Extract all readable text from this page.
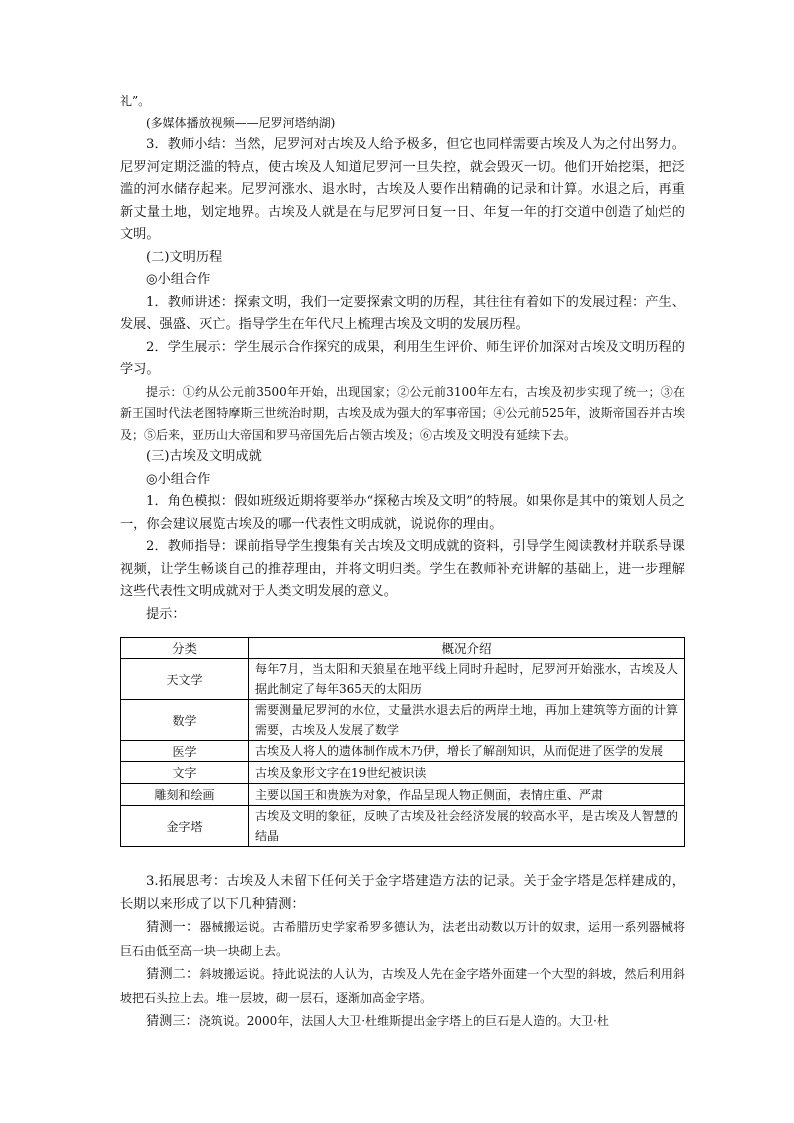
礼”。

(多媒体播放视频——尼罗河塔纳湖)

3．教师小结：当然，尼罗河对古埃及人给予极多，但它也同样需要古埃及人为之付出努力。尼罗河定期泛滥的特点，使古埃及人知道尼罗河一旦失控，就会毁灭一切。他们开始挖渠，把泛滥的河水储存起来。尼罗河涨水、退水时，古埃及人要作出精确的记录和计算。水退之后，再重新丈量土地，划定地界。古埃及人就是在与尼罗河日复一日、年复一年的打交道中创造了灿烂的文明。

(二)文明历程

◎小组合作

1．教师讲述：探索文明，我们一定要探索文明的历程，其往往有着如下的发展过程：产生、发展、强盛、灭亡。指导学生在年代尺上梳理古埃及文明的发展历程。

2．学生展示：学生展示合作探究的成果，利用生生评价、师生评价加深对古埃及文明历程的学习。

提示：①约从公元前3500年开始，出现国家；②公元前3100年左右，古埃及初步实现了统一；③在新王国时代法老图特摩斯三世统治时期，古埃及成为强大的军事帝国；④公元前525年，波斯帝国吞并古埃及；⑤后来，亚历山大帝国和罗马帝国先后占领古埃及；⑥古埃及文明没有延续下去。

(三)古埃及文明成就

◎小组合作

1．角色模拟：假如班级近期将要举办“探秘古埃及文明”的特展。如果你是其中的策划人员之一，你会建议展览古埃及的哪一代表性文明成就，说说你的理由。

2．教师指导：课前指导学生搜集有关古埃及文明成就的资料，引导学生阅读教材并联系导课视频，让学生畅谈自己的推荐理由，并将文明归类。学生在教师补充讲解的基础上，进一步理解这些代表性文明成就对于人类文明发展的意义。

提示：

分类	概况介绍
天文学	每年7月，当太阳和天狼星在地平线上同时升起时，尼罗河开始涨水，古埃及人据此制定了每年365天的太阳历
数学	需要测量尼罗河的水位，丈量洪水退去后的两岸土地，再加上建筑等方面的计算需要，古埃及人发展了数学
医学	古埃及人将人的遗体制作成木乃伊，增长了解剖知识，从而促进了医学的发展
文字	古埃及象形文字在19世纪被识读
雕刻和绘画	主要以国王和贵族为对象，作品呈现人物正侧面，表情庄重、严肃
金字塔	古埃及文明的象征，反映了古埃及社会经济发展的较高水平，是古埃及人智慧的结晶

3.拓展思考：古埃及人未留下任何关于金字塔建造方法的记录。关于金字塔是怎样建成的，长期以来形成了以下几种猜测：

猜测一：器械搬运说。古希腊历史学家希罗多德认为，法老出动数以万计的奴隶，运用一系列器械将巨石由低至高一块一块砌上去。

猜测二：斜坡搬运说。持此说法的人认为，古埃及人先在金字塔外面建一个大型的斜坡，然后利用斜坡把石头拉上去。堆一层坡，砌一层石，逐渐加高金字塔。

猜测三：浇筑说。2000年，法国人大卫·杜维斯提出金字塔上的巨石是人造的。大卫·杜
